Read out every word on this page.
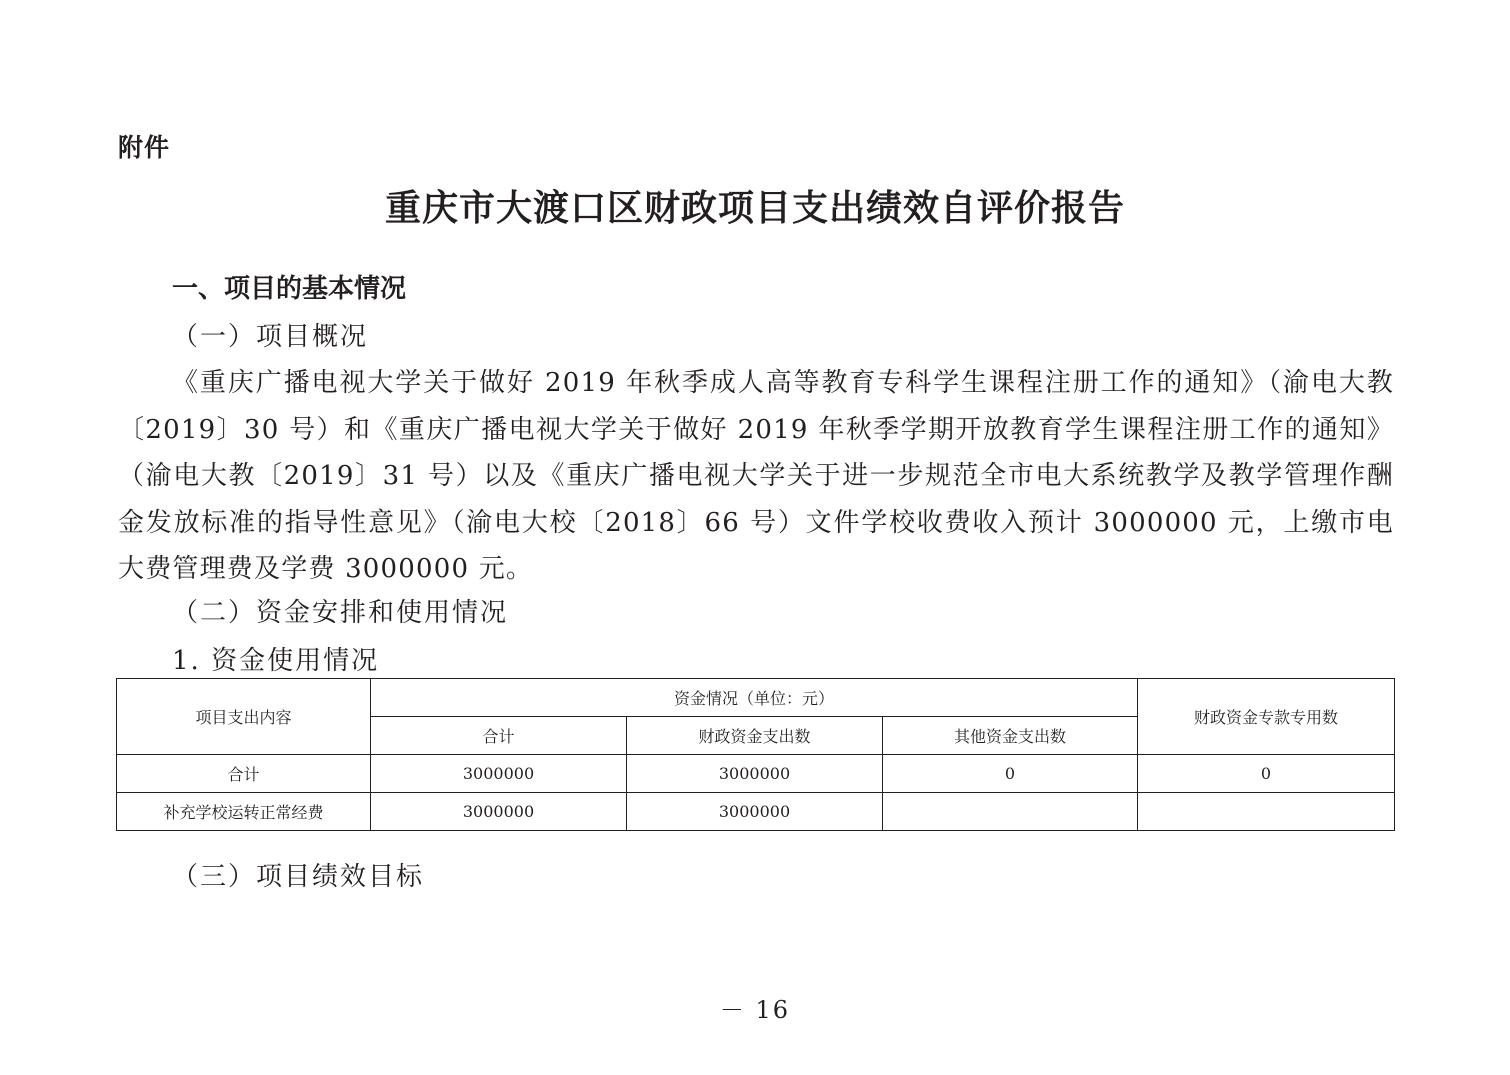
附件
重庆市大渡口区财政项目支出绩效自评价报告
一、项目的基本情况
（一）项目概况

《重庆广播电视大学关于做好 2019 年秋季成人高等教育专科学生课程注册工作的通知》（渝电大教〔2019〕30 号）和《重庆广播电视大学关于做好 2019 年秋季学期开放教育学生课程注册工作的通知》（渝电大教〔2019〕31 号）以及《重庆广播电视大学关于进一步规范全市电大系统教学及教学管理作酬金发放标准的指导性意见》（渝电大校〔2018〕66 号）文件学校收费收入预计 3000000 元，上缴市电大费管理费及学费 3000000 元。

（二）资金安排和使用情况
1. 资金使用情况
项目支出内容	资金情况（单位：元）			财政资金专款专用数
	合计	财政资金支出数	其他资金支出数	
合计	3000000	3000000	0	0
补充学校运转正常经费	3000000	3000000		
（三）项目绩效目标
－ 16
